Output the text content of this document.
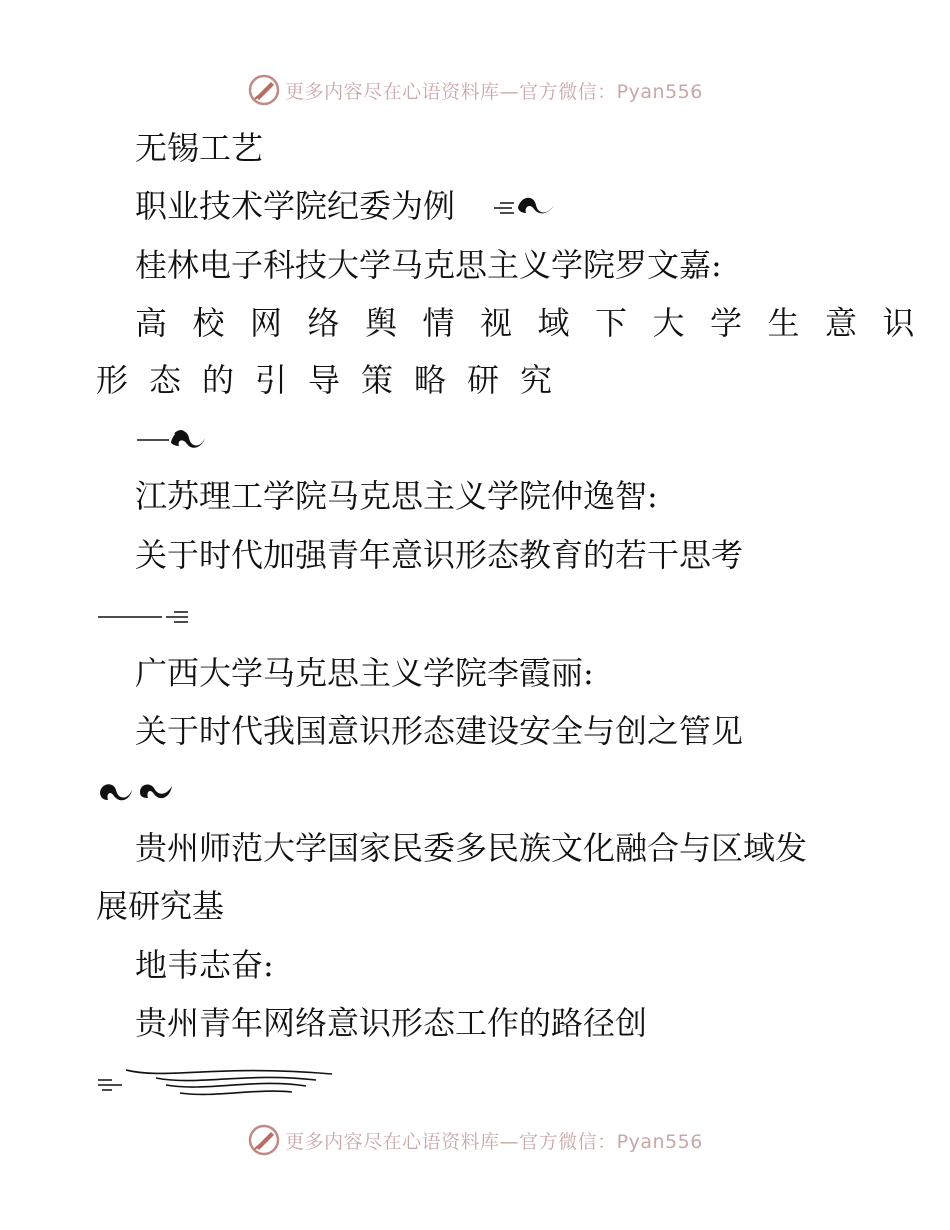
更多内容尽在心语资料库—官方微信：Pyan556
无锡工艺
职业技术学院纪委为例
桂林电子科技大学马克思主义学院罗文嘉:
高校网络舆情视域下大学生意识
形态的引导策略研究
江苏理工学院马克思主义学院仲逸智:
关于时代加强青年意识形态教育的若干思考
广西大学马克思主义学院李霞丽:
关于时代我国意识形态建设安全与创之管见
贵州师范大学国家民委多民族文化融合与区域发
展研究基
地韦志奋:
贵州青年网络意识形态工作的路径创
更多内容尽在心语资料库—官方微信：Pyan556
